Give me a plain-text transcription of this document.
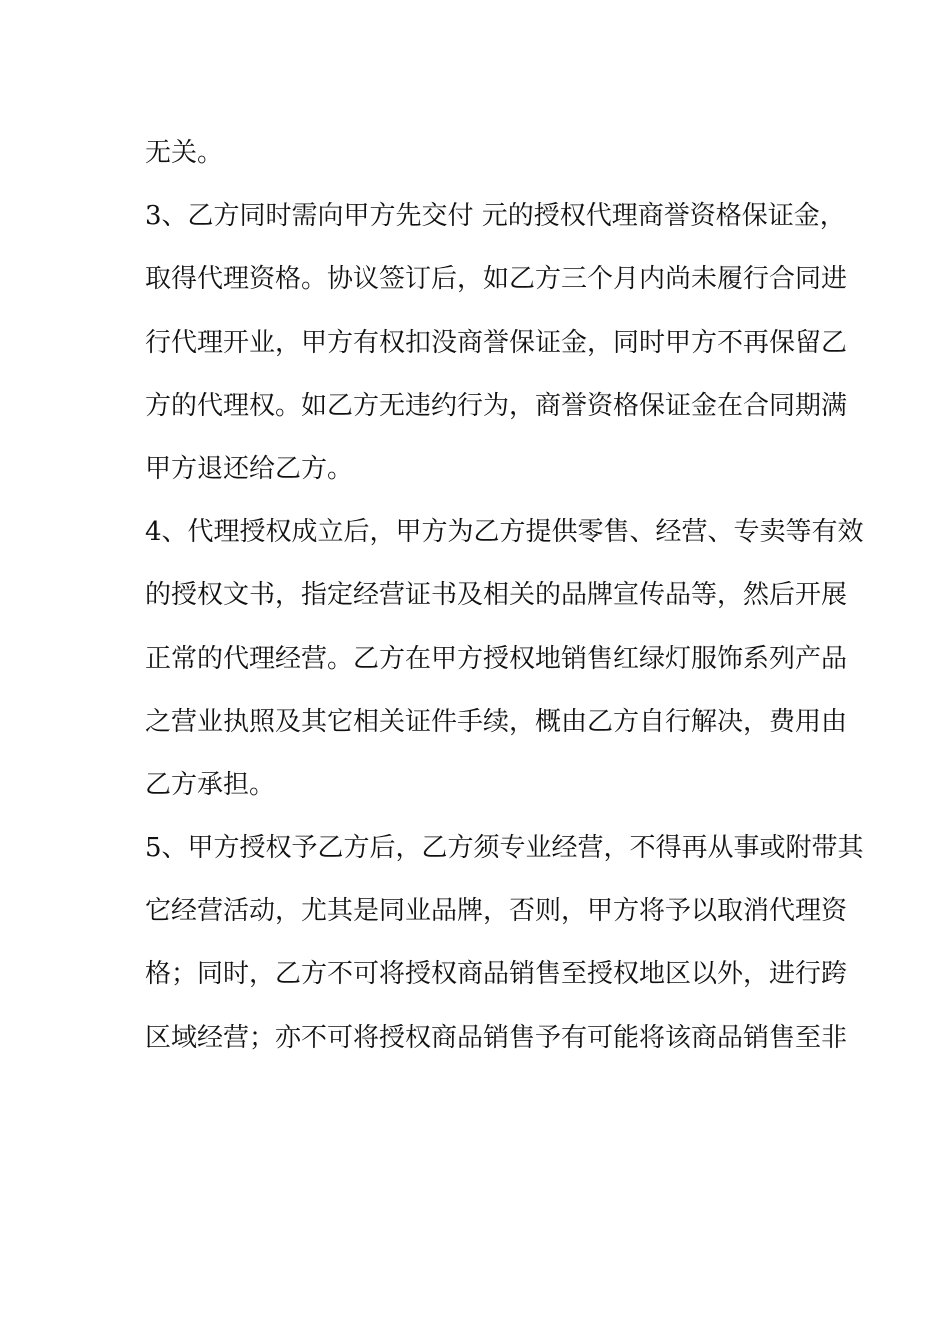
无关。
3、乙方同时需向甲方先交付 元的授权代理商誉资格保证金，
取得代理资格。协议签订后，如乙方三个月内尚未履行合同进
行代理开业，甲方有权扣没商誉保证金，同时甲方不再保留乙
方的代理权。如乙方无违约行为，商誉资格保证金在合同期满
甲方退还给乙方。
4、代理授权成立后，甲方为乙方提供零售、经营、专卖等有效
的授权文书，指定经营证书及相关的品牌宣传品等，然后开展
正常的代理经营。乙方在甲方授权地销售红绿灯服饰系列产品
之营业执照及其它相关证件手续，概由乙方自行解决，费用由
乙方承担。
5、甲方授权予乙方后，乙方须专业经营，不得再从事或附带其
它经营活动，尤其是同业品牌，否则，甲方将予以取消代理资
格；同时，乙方不可将授权商品销售至授权地区以外，进行跨
区域经营；亦不可将授权商品销售予有可能将该商品销售至非
